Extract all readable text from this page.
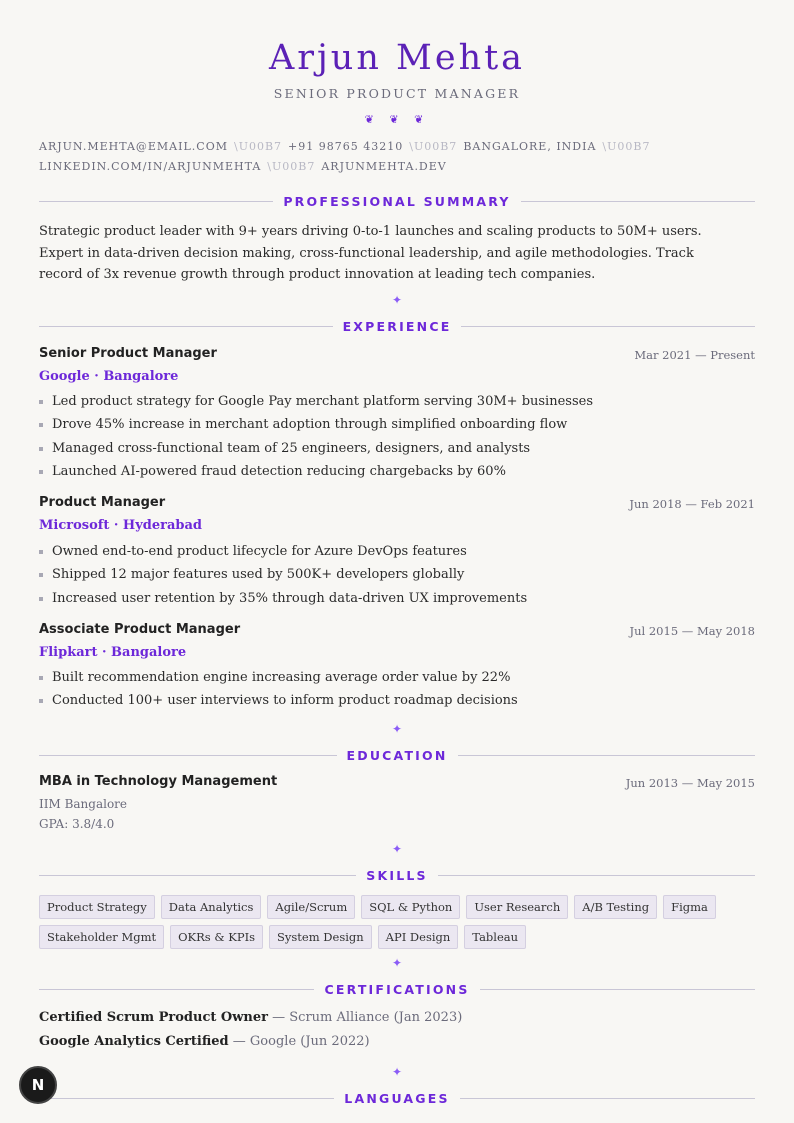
Arjun Mehta
SENIOR PRODUCT MANAGER
❦ ❦ ❦
ARJUN.MEHTA@EMAIL.COM \U00B7 +91 98765 43210 \U00B7 BANGALORE, INDIA \U00B7
LINKEDIN.COM/IN/ARJUNMEHTA \U00B7 ARJUNMEHTA.DEV
PROFESSIONAL SUMMARY
Strategic product leader with 9+ years driving 0-to-1 launches and scaling products to 50M+ users. Expert in data-driven decision making, cross-functional leadership, and agile methodologies. Track record of 3x revenue growth through product innovation at leading tech companies.
✦
EXPERIENCE
Senior Product Manager	Mar 2021 — Present
Google · Bangalore
Led product strategy for Google Pay merchant platform serving 30M+ businesses
Drove 45% increase in merchant adoption through simplified onboarding flow
Managed cross-functional team of 25 engineers, designers, and analysts
Launched AI-powered fraud detection reducing chargebacks by 60%
Product Manager	Jun 2018 — Feb 2021
Microsoft · Hyderabad
Owned end-to-end product lifecycle for Azure DevOps features
Shipped 12 major features used by 500K+ developers globally
Increased user retention by 35% through data-driven UX improvements
Associate Product Manager	Jul 2015 — May 2018
Flipkart · Bangalore
Built recommendation engine increasing average order value by 22%
Conducted 100+ user interviews to inform product roadmap decisions
✦
EDUCATION
MBA in Technology Management	Jun 2013 — May 2015
IIM Bangalore
GPA: 3.8/4.0
✦
SKILLS
Product Strategy	Data Analytics	Agile/Scrum	SQL & Python	User Research	A/B Testing	Figma
Stakeholder Mgmt	OKRs & KPIs	System Design	API Design	Tableau
✦
CERTIFICATIONS
Certified Scrum Product Owner — Scrum Alliance (Jan 2023)
Google Analytics Certified — Google (Jun 2022)
✦
LANGUAGES
N
